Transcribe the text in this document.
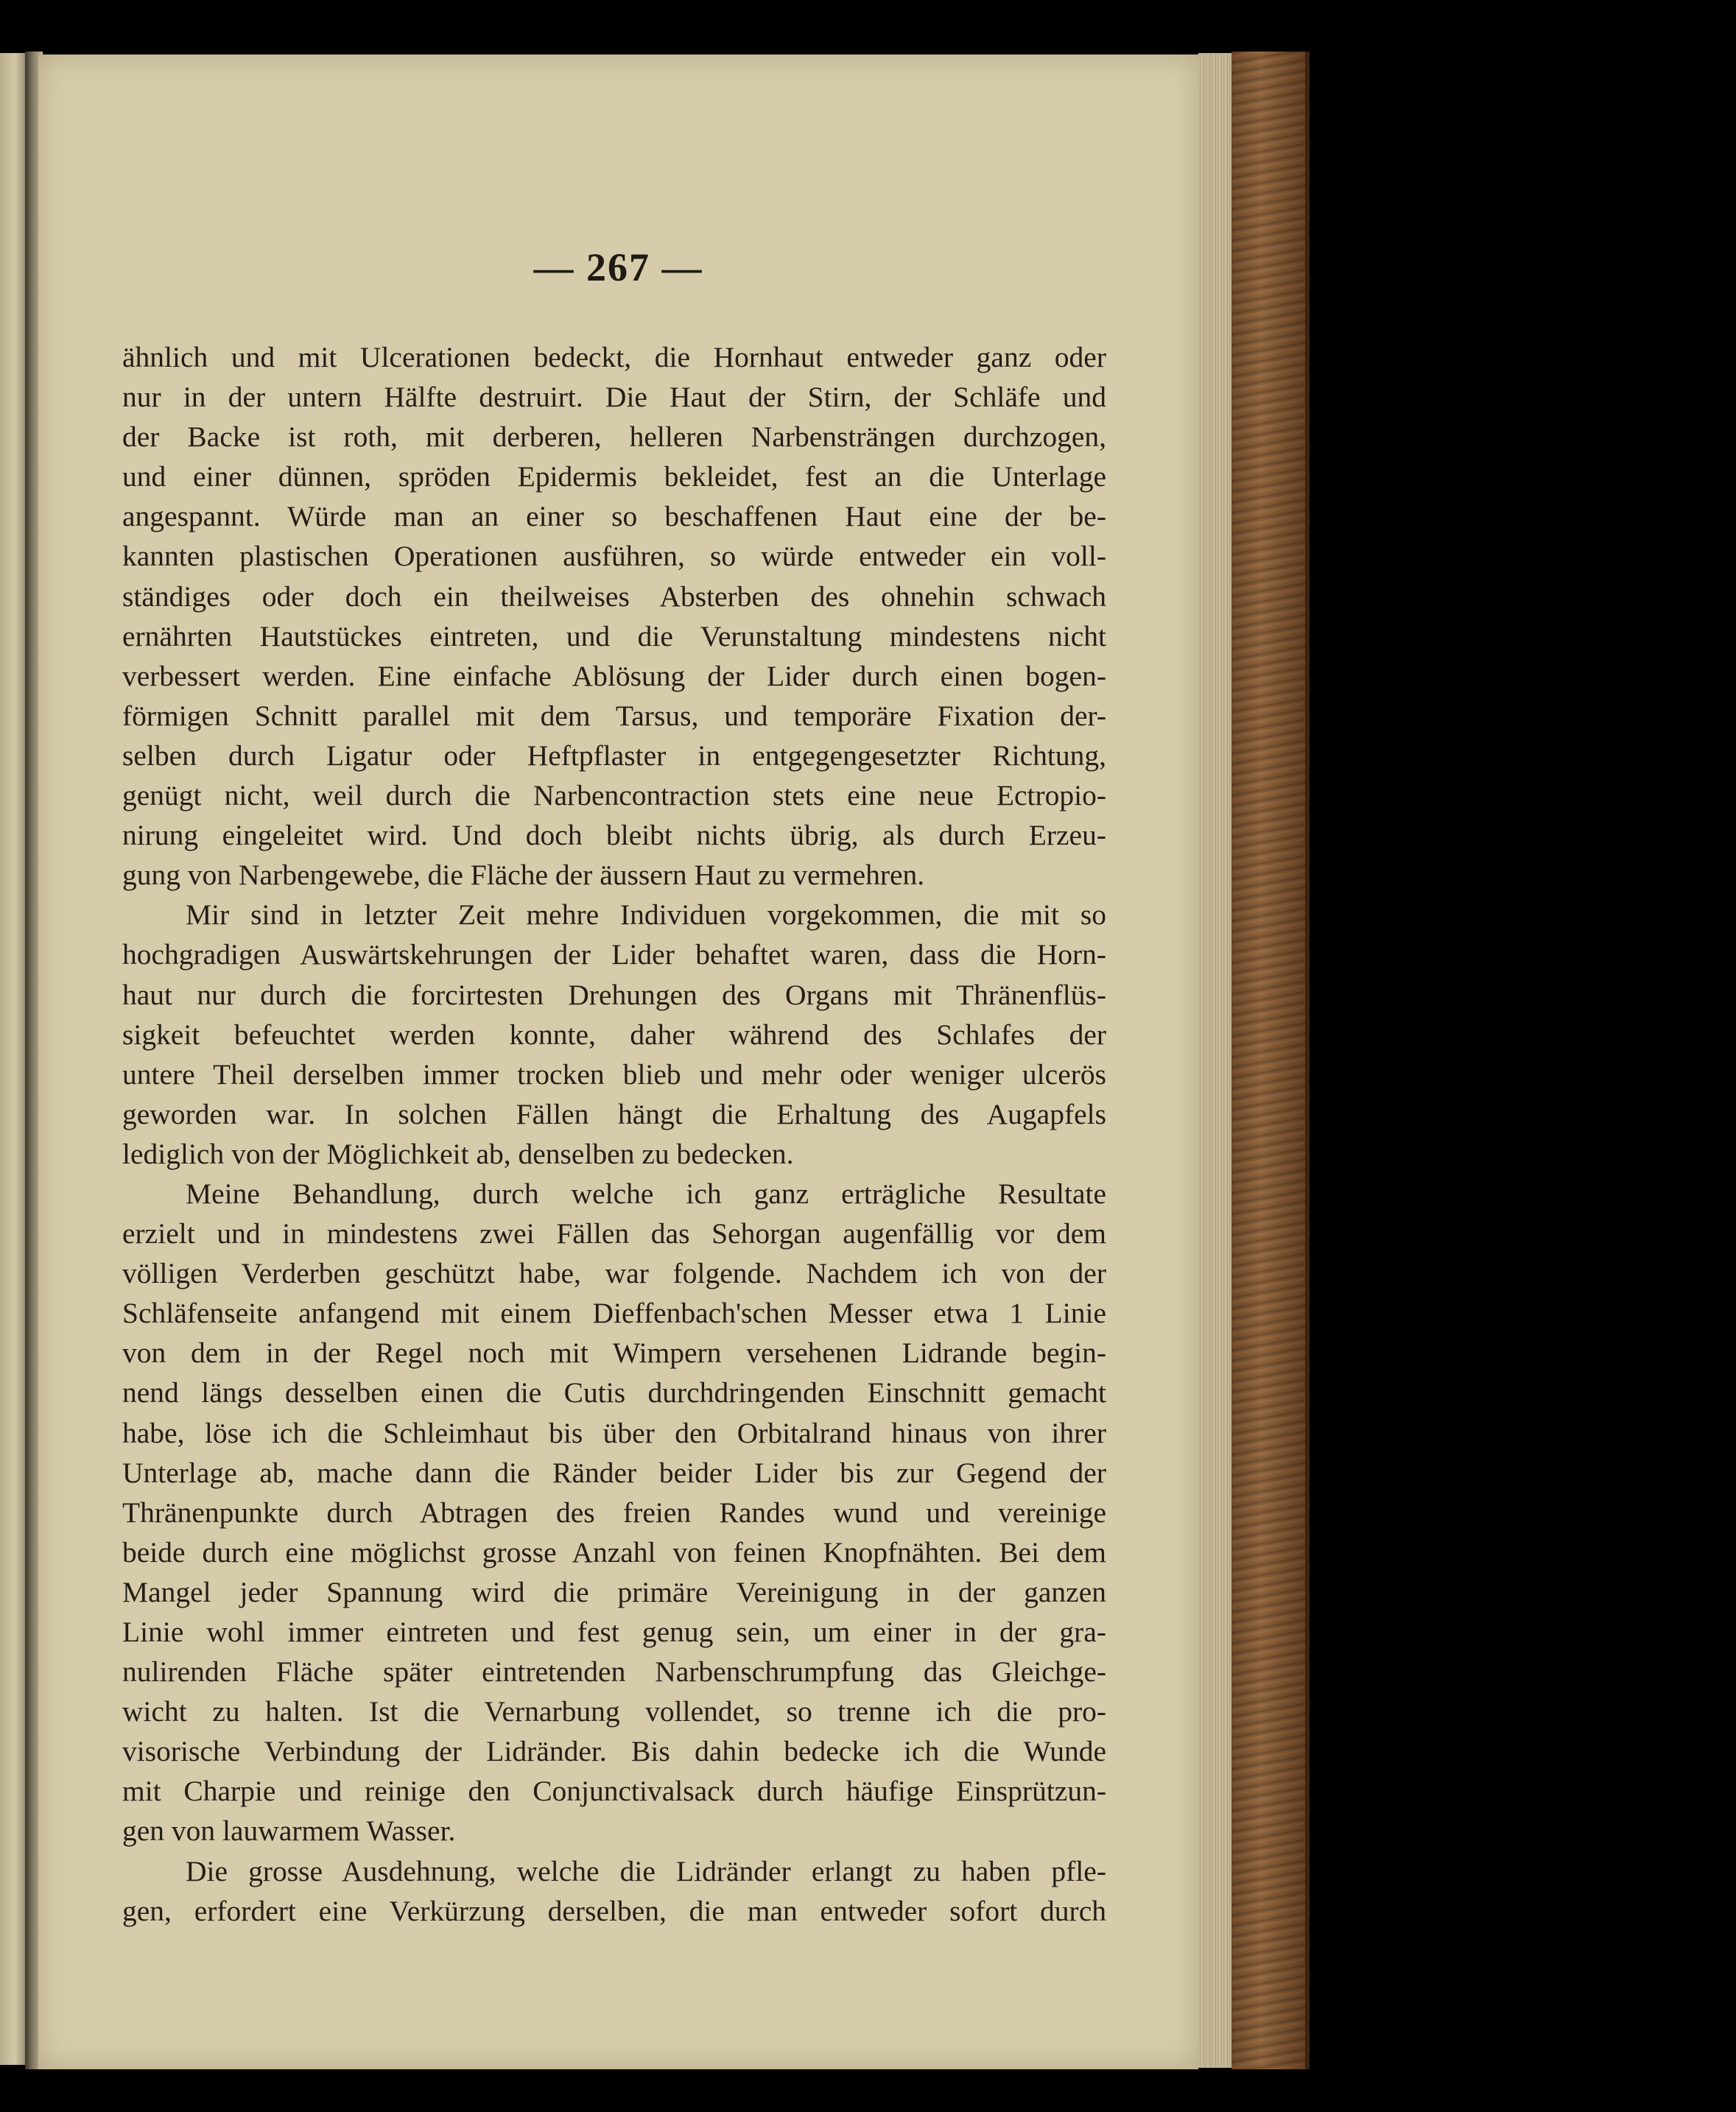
— 267 —
ähnlich und mit Ulcerationen bedeckt, die Hornhaut entweder ganz oder
nur in der untern Hälfte destruirt. Die Haut der Stirn, der Schläfe und
der Backe ist roth, mit derberen, helleren Narbensträngen durchzogen,
und einer dünnen, spröden Epidermis bekleidet, fest an die Unterlage
angespannt. Würde man an einer so beschaffenen Haut eine der be-
kannten plastischen Operationen ausführen, so würde entweder ein voll-
ständiges oder doch ein theilweises Absterben des ohnehin schwach
ernährten Hautstückes eintreten, und die Verunstaltung mindestens nicht
verbessert werden. Eine einfache Ablösung der Lider durch einen bogen-
förmigen Schnitt parallel mit dem Tarsus, und temporäre Fixation der-
selben durch Ligatur oder Heftpflaster in entgegengesetzter Richtung,
genügt nicht, weil durch die Narbencontraction stets eine neue Ectropio-
nirung eingeleitet wird. Und doch bleibt nichts übrig, als durch Erzeu-
gung von Narbengewebe, die Fläche der äussern Haut zu vermehren.
Mir sind in letzter Zeit mehre Individuen vorgekommen, die mit so
hochgradigen Auswärtskehrungen der Lider behaftet waren, dass die Horn-
haut nur durch die forcirtesten Drehungen des Organs mit Thränenflüs-
sigkeit befeuchtet werden konnte, daher während des Schlafes der
untere Theil derselben immer trocken blieb und mehr oder weniger ulcerös
geworden war. In solchen Fällen hängt die Erhaltung des Augapfels
lediglich von der Möglichkeit ab, denselben zu bedecken.
Meine Behandlung, durch welche ich ganz erträgliche Resultate
erzielt und in mindestens zwei Fällen das Sehorgan augenfällig vor dem
völligen Verderben geschützt habe, war folgende. Nachdem ich von der
Schläfenseite anfangend mit einem Dieffenbach'schen Messer etwa 1 Linie
von dem in der Regel noch mit Wimpern versehenen Lidrande begin-
nend längs desselben einen die Cutis durchdringenden Einschnitt gemacht
habe, löse ich die Schleimhaut bis über den Orbitalrand hinaus von ihrer
Unterlage ab, mache dann die Ränder beider Lider bis zur Gegend der
Thränenpunkte durch Abtragen des freien Randes wund und vereinige
beide durch eine möglichst grosse Anzahl von feinen Knopfnähten. Bei dem
Mangel jeder Spannung wird die primäre Vereinigung in der ganzen
Linie wohl immer eintreten und fest genug sein, um einer in der gra-
nulirenden Fläche später eintretenden Narbenschrumpfung das Gleichge-
wicht zu halten. Ist die Vernarbung vollendet, so trenne ich die pro-
visorische Verbindung der Lidränder. Bis dahin bedecke ich die Wunde
mit Charpie und reinige den Conjunctivalsack durch häufige Einsprützun-
gen von lauwarmem Wasser.
Die grosse Ausdehnung, welche die Lidränder erlangt zu haben pfle-
gen, erfordert eine Verkürzung derselben, die man entweder sofort durch
